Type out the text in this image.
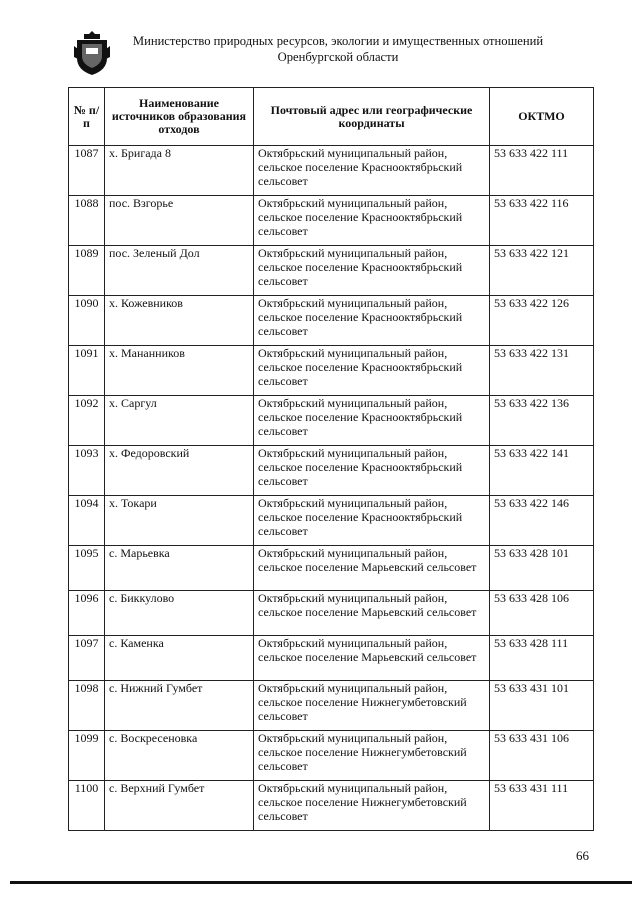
Министерство природных ресурсов, экологии и имущественных отношений
Оренбургской области
№ п/п	Наименование источников образования отходов	Почтовый адрес или географические координаты	ОКТМО
1087	х. Бригада 8	Октябрьский муниципальный район, сельское поселение Краснооктябрьский сельсовет	53 633 422 111
1088	пос. Взгорье	Октябрьский муниципальный район, сельское поселение Краснооктябрьский сельсовет	53 633 422 116
1089	пос. Зеленый Дол	Октябрьский муниципальный район, сельское поселение Краснооктябрьский сельсовет	53 633 422 121
1090	х. Кожевников	Октябрьский муниципальный район, сельское поселение Краснооктябрьский сельсовет	53 633 422 126
1091	х. Мананников	Октябрьский муниципальный район, сельское поселение Краснооктябрьский сельсовет	53 633 422 131
1092	х. Саргул	Октябрьский муниципальный район, сельское поселение Краснооктябрьский сельсовет	53 633 422 136
1093	х. Федоровский	Октябрьский муниципальный район, сельское поселение Краснооктябрьский сельсовет	53 633 422 141
1094	х. Токари	Октябрьский муниципальный район, сельское поселение Краснооктябрьский сельсовет	53 633 422 146
1095	с. Марьевка	Октябрьский муниципальный район, сельское поселение Марьевский сельсовет	53 633 428 101
1096	с. Биккулово	Октябрьский муниципальный район, сельское поселение Марьевский сельсовет	53 633 428 106
1097	с. Каменка	Октябрьский муниципальный район, сельское поселение Марьевский сельсовет	53 633 428 111
1098	с. Нижний Гумбет	Октябрьский муниципальный район, сельское поселение Нижнегумбетовский сельсовет	53 633 431 101
1099	с. Воскресеновка	Октябрьский муниципальный район, сельское поселение Нижнегумбетовский сельсовет	53 633 431 106
1100	с. Верхний Гумбет	Октябрьский муниципальный район, сельское поселение Нижнегумбетовский сельсовет	53 633 431 111
66
